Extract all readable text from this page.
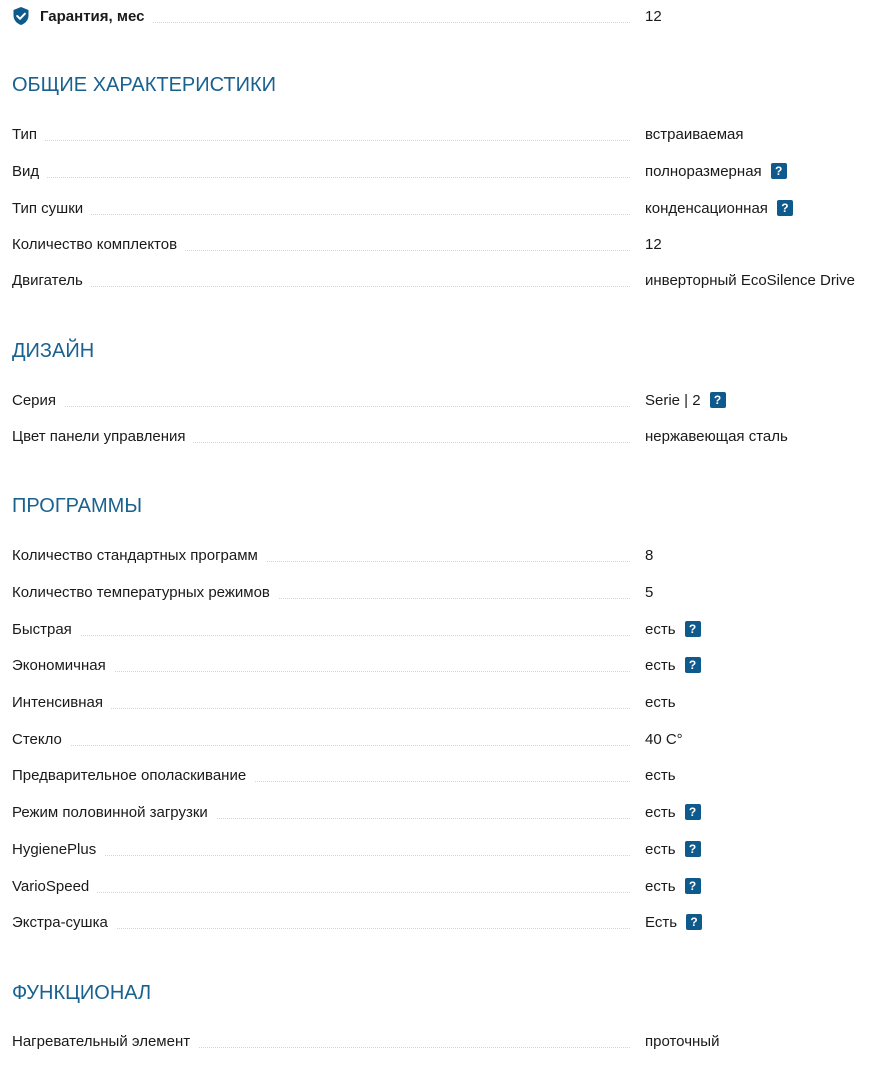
Гарантия, мес	12
ОБЩИЕ ХАРАКТЕРИСТИКИ
Тип	встраиваемая
Вид	полноразмерная	?
Тип сушки	конденсационная	?
Количество комплектов	12
Двигатель	инверторный EcoSilence Drive
ДИЗАЙН
Серия	Serie | 2	?
Цвет панели управления	нержавеющая сталь
ПРОГРАММЫ
Количество стандартных программ	8
Количество температурных режимов	5
Быстрая	есть	?
Экономичная	есть	?
Интенсивная	есть
Стекло	40 С°
Предварительное ополаскивание	есть
Режим половинной загрузки	есть	?
HygienePlus	есть	?
VarioSpeed	есть	?
Экстра-сушка	Есть	?
ФУНКЦИОНАЛ
Нагревательный элемент	проточный
